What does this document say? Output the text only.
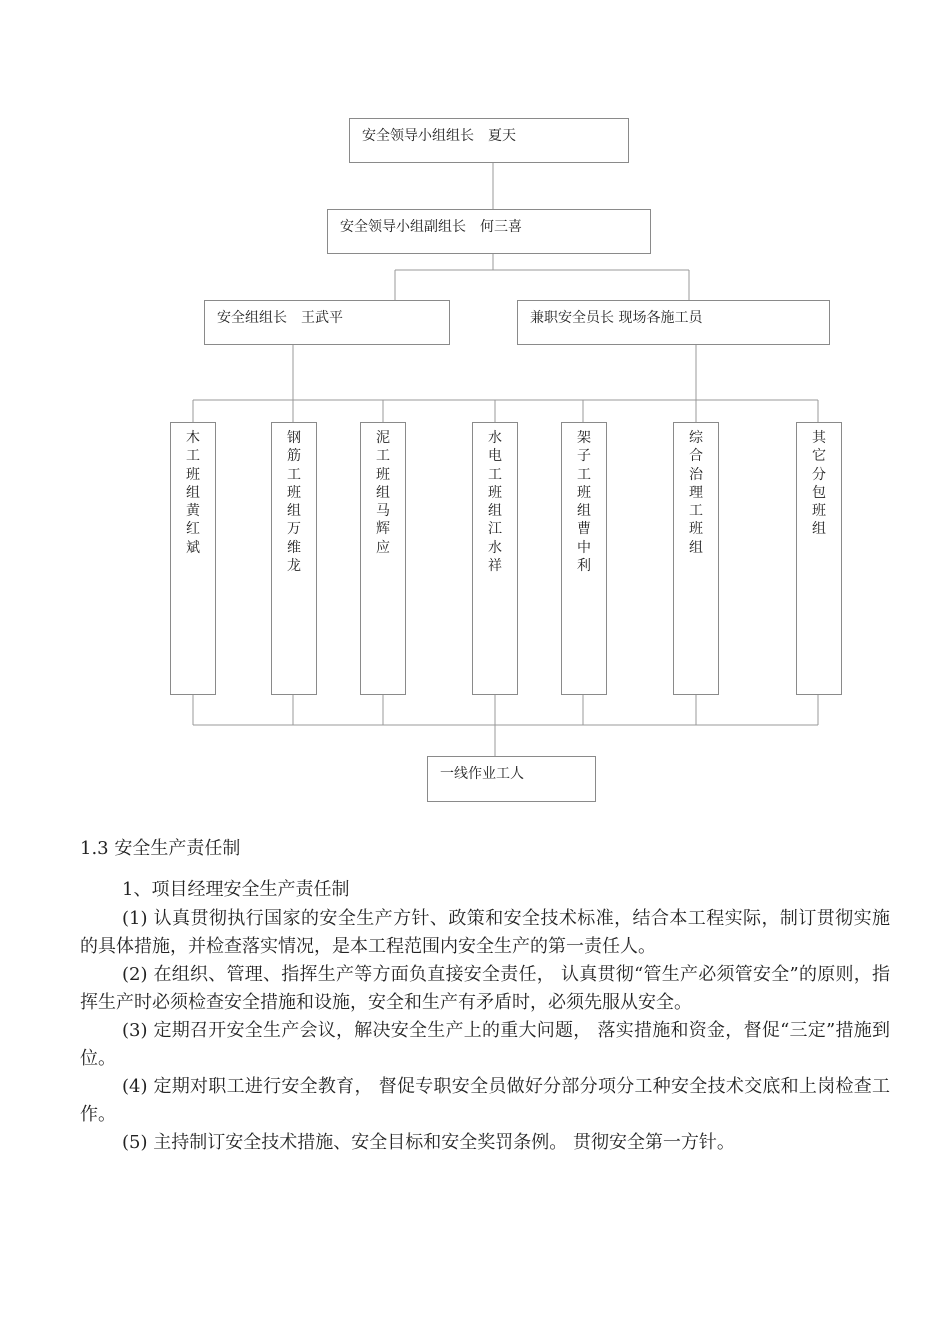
安全领导小组组长　夏天
安全领导小组副组长　何三喜
安全组组长　王武平	兼职安全员长 现场各施工员
木
工
班
组
黄
红
斌
钢
筋
工
班
组
万
维
龙
泥
工
班
组
马
辉
应
水
电
工
班
组
江
水
祥
架
子
工
班
组
曹
中
利
综
合
治
理
工
班
组
其
它
分
包
班
组
一线作业工人
1.3 安全生产责任制
1、项目经理安全生产责任制

(1) 认真贯彻执行国家的安全生产方针、政策和安全技术标准，结合本工程实际，制订贯彻实施的具体措施，并检查落实情况，是本工程范围内安全生产的第一责任人。

(2) 在组织、管理、指挥生产等方面负直接安全责任， 认真贯彻“管生产必须管安全”的原则，指挥生产时必须检查安全措施和设施，安全和生产有矛盾时，必须先服从安全。

(3) 定期召开安全生产会议，解决安全生产上的重大问题， 落实措施和资金，督促“三定”措施到位。

(4) 定期对职工进行安全教育， 督促专职安全员做好分部分项分工种安全技术交底和上岗检查工作。

(5) 主持制订安全技术措施、安全目标和安全奖罚条例。 贯彻安全第一方针。
